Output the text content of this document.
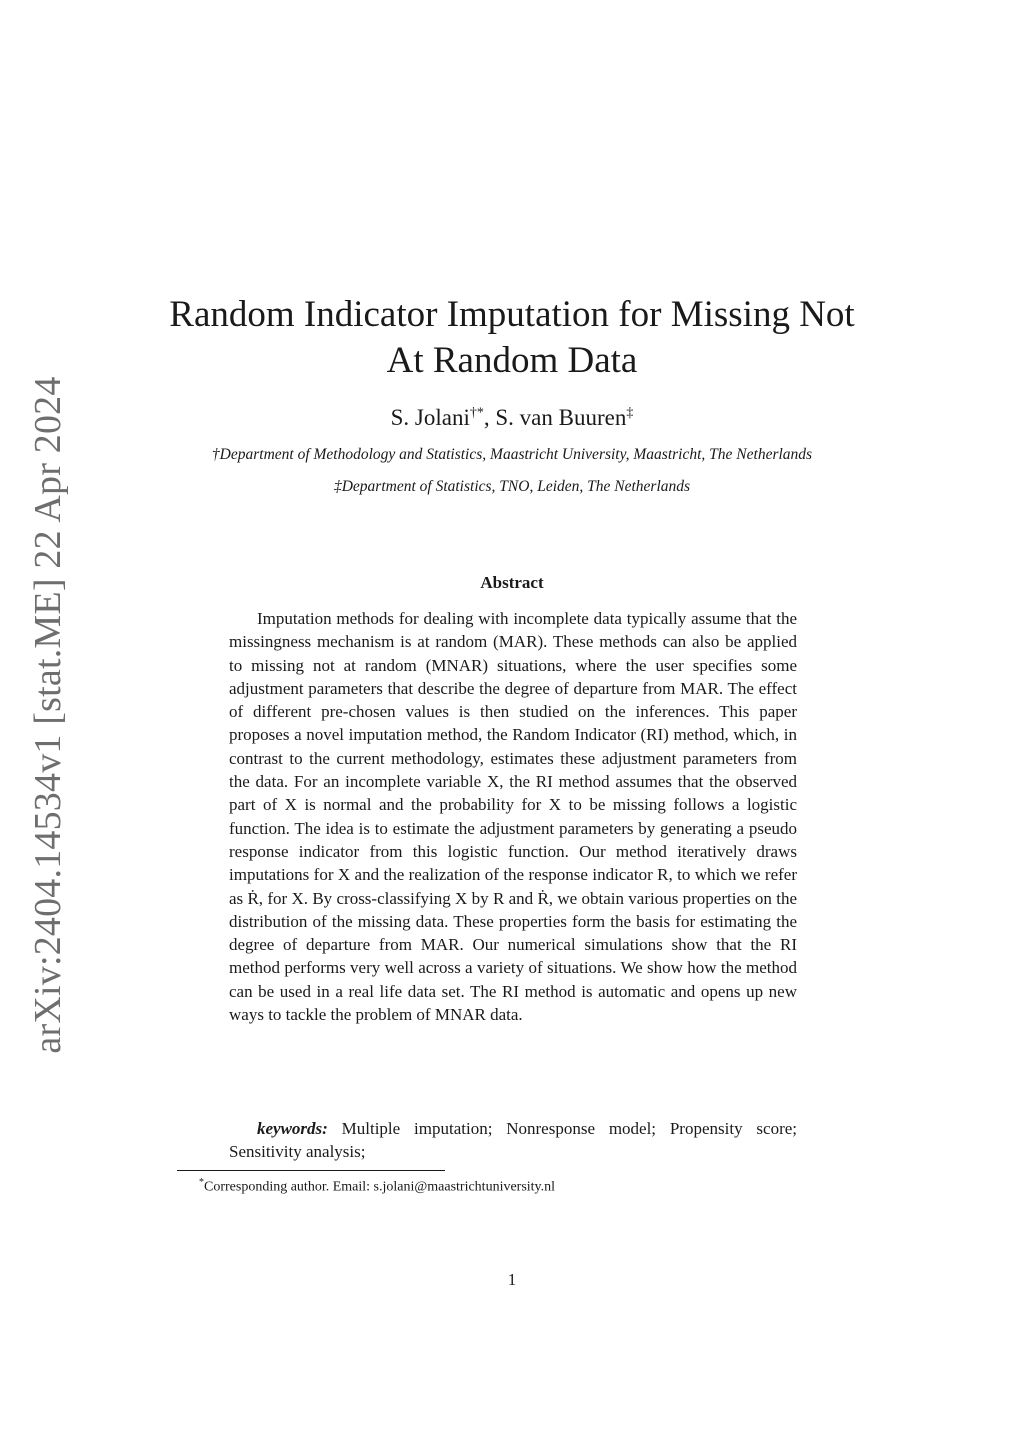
arXiv:2404.14534v1 [stat.ME] 22 Apr 2024
Random Indicator Imputation for Missing Not
At Random Data
S. Jolani†*, S. van Buuren‡
†Department of Methodology and Statistics, Maastricht University, Maastricht, The Netherlands
‡Department of Statistics, TNO, Leiden, The Netherlands
Abstract

Imputation methods for dealing with incomplete data typically assume that the missingness mechanism is at random (MAR). These methods can also be applied to missing not at random (MNAR) situations, where the user specifies some adjustment parameters that describe the degree of departure from MAR. The effect of different pre-chosen values is then studied on the inferences. This paper proposes a novel imputation method, the Random Indicator (RI) method, which, in contrast to the current methodology, estimates these adjustment parameters from the data. For an incomplete variable X, the RI method assumes that the observed part of X is normal and the probability for X to be missing follows a logistic function. The idea is to estimate the adjustment parameters by generating a pseudo response indicator from this logistic function. Our method iteratively draws imputations for X and the realization of the response indicator R, to which we refer as Ṙ, for X. By cross-classifying X by R and Ṙ, we obtain various properties on the distribution of the missing data. These properties form the basis for estimating the degree of departure from MAR. Our numerical simulations show that the RI method performs very well across a variety of situations. We show how the method can be used in a real life data set. The RI method is automatic and opens up new ways to tackle the problem of MNAR data.

keywords: Multiple imputation; Nonresponse model; Propensity score; Sensitivity analysis;

*Corresponding author. Email: s.jolani@maastrichtuniversity.nl
1
